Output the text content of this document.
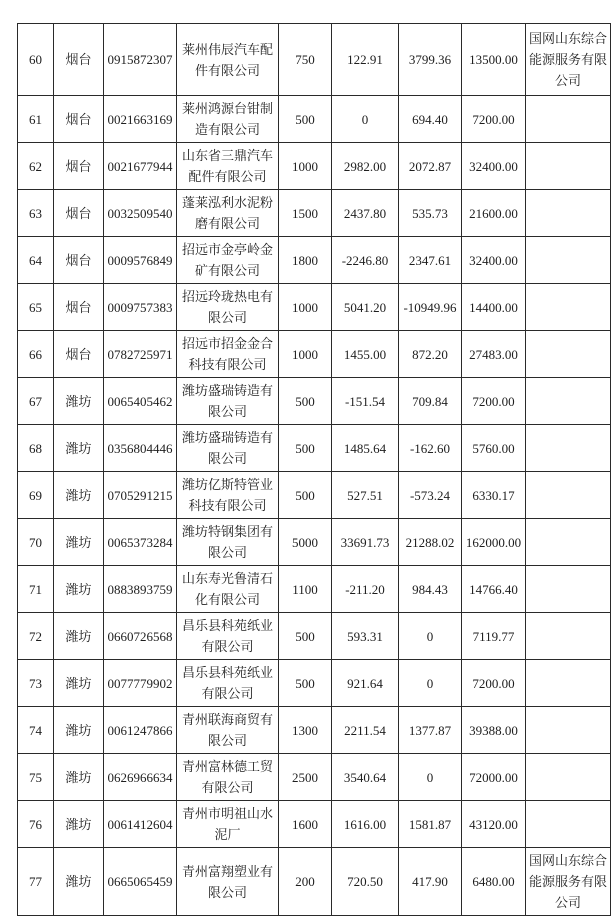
60	烟台	0915872307	莱州伟辰汽车配件有限公司	750	122.91	3799.36	13500.00	国网山东综合能源服务有限公司
61	烟台	0021663169	莱州鸿源台钳制造有限公司	500	0	694.40	7200.00	
62	烟台	0021677944	山东省三鼎汽车配件有限公司	1000	2982.00	2072.87	32400.00	
63	烟台	0032509540	蓬莱泓利水泥粉磨有限公司	1500	2437.80	535.73	21600.00	
64	烟台	0009576849	招远市金亭岭金矿有限公司	1800	-2246.80	2347.61	32400.00	
65	烟台	0009757383	招远玲珑热电有限公司	1000	5041.20	-10949.96	14400.00	
66	烟台	0782725971	招远市招金金合科技有限公司	1000	1455.00	872.20	27483.00	
67	潍坊	0065405462	潍坊盛瑞铸造有限公司	500	-151.54	709.84	7200.00	
68	潍坊	0356804446	潍坊盛瑞铸造有限公司	500	1485.64	-162.60	5760.00	
69	潍坊	0705291215	潍坊亿斯特管业科技有限公司	500	527.51	-573.24	6330.17	
70	潍坊	0065373284	潍坊特钢集团有限公司	5000	33691.73	21288.02	162000.00	
71	潍坊	0883893759	山东寿光鲁清石化有限公司	1100	-211.20	984.43	14766.40	
72	潍坊	0660726568	昌乐县科苑纸业有限公司	500	593.31	0	7119.77	
73	潍坊	0077779902	昌乐县科苑纸业有限公司	500	921.64	0	7200.00	
74	潍坊	0061247866	青州联海商贸有限公司	1300	2211.54	1377.87	39388.00	
75	潍坊	0626966634	青州富林德工贸有限公司	2500	3540.64	0	72000.00	
76	潍坊	0061412604	青州市明祖山水泥厂	1600	1616.00	1581.87	43120.00	
77	潍坊	0665065459	青州富翔塑业有限公司	200	720.50	417.90	6480.00	国网山东综合能源服务有限公司
